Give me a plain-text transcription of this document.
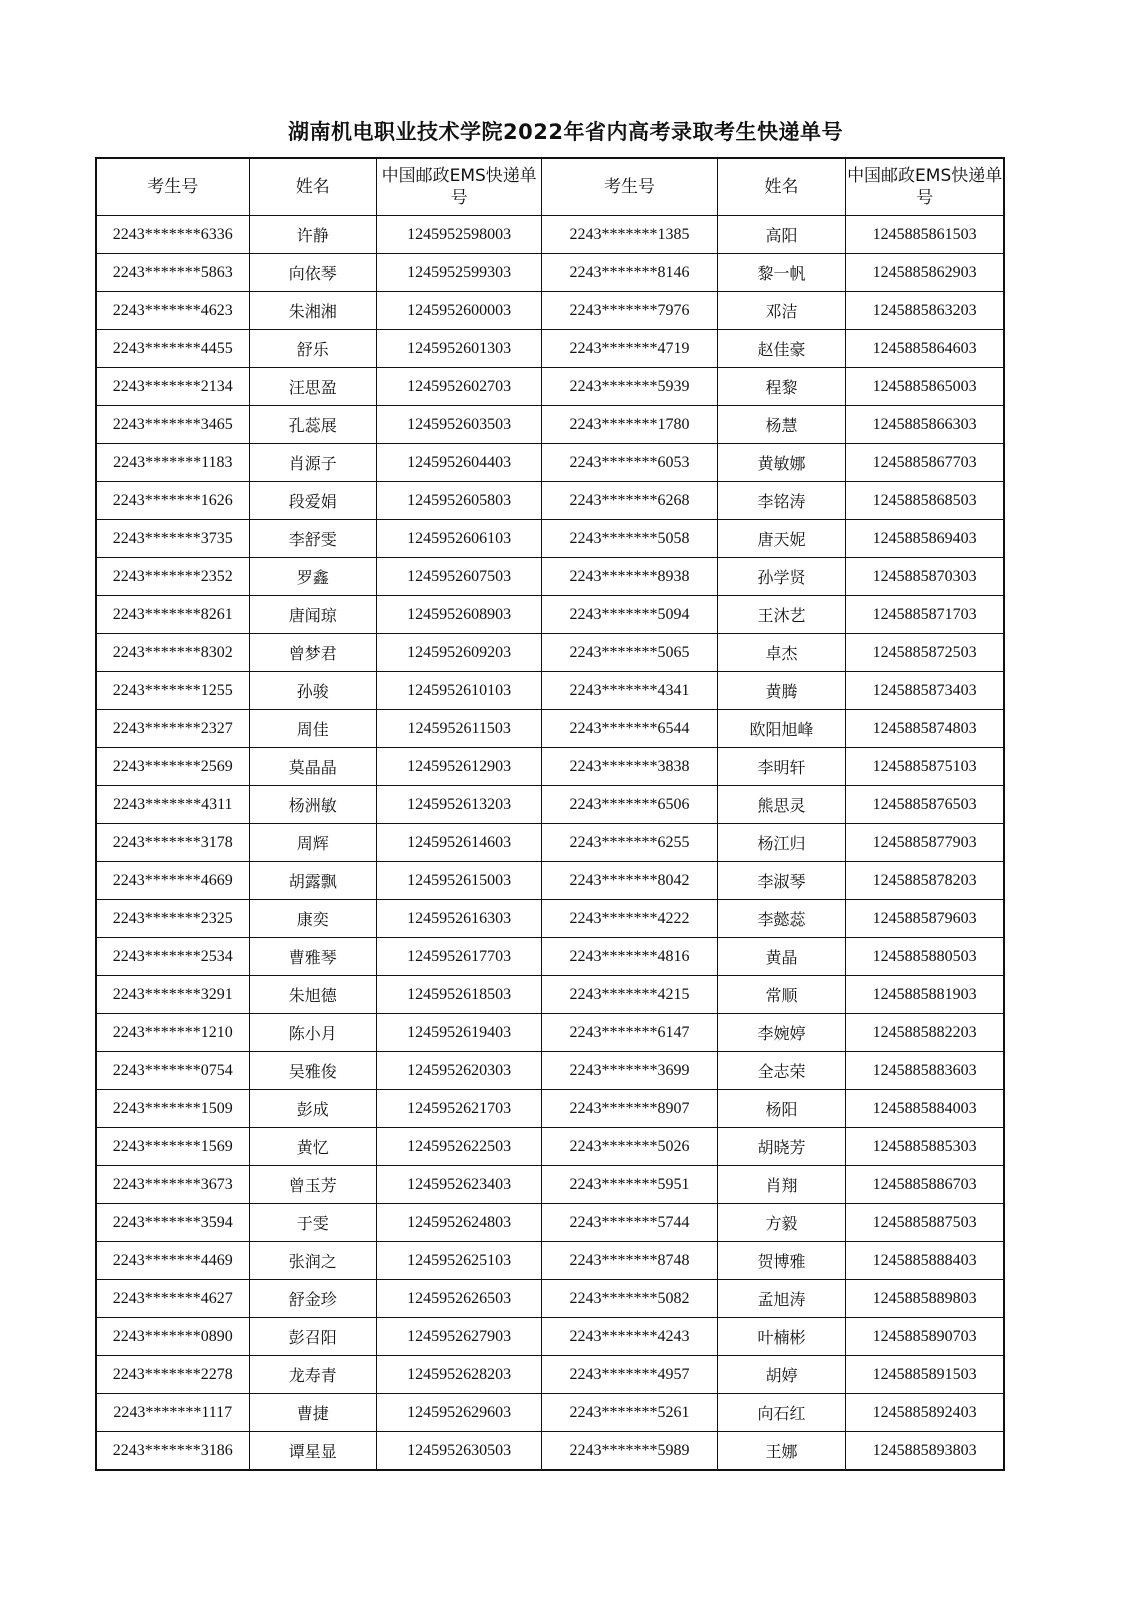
湖南机电职业技术学院2022年省内高考录取考生快递单号
考生号	姓名	中国邮政EMS快递单号	考生号	姓名	中国邮政EMS快递单号
2243*******6336	许静	1245952598003	2243*******1385	高阳	1245885861503
2243*******5863	向依琴	1245952599303	2243*******8146	黎一帆	1245885862903
2243*******4623	朱湘湘	1245952600003	2243*******7976	邓洁	1245885863203
2243*******4455	舒乐	1245952601303	2243*******4719	赵佳豪	1245885864603
2243*******2134	汪思盈	1245952602703	2243*******5939	程黎	1245885865003
2243*******3465	孔蕊展	1245952603503	2243*******1780	杨慧	1245885866303
2243*******1183	肖源子	1245952604403	2243*******6053	黄敏娜	1245885867703
2243*******1626	段爱娟	1245952605803	2243*******6268	李铭涛	1245885868503
2243*******3735	李舒雯	1245952606103	2243*******5058	唐天妮	1245885869403
2243*******2352	罗鑫	1245952607503	2243*******8938	孙学贤	1245885870303
2243*******8261	唐闻琼	1245952608903	2243*******5094	王沐艺	1245885871703
2243*******8302	曾梦君	1245952609203	2243*******5065	卓杰	1245885872503
2243*******1255	孙骏	1245952610103	2243*******4341	黄腾	1245885873403
2243*******2327	周佳	1245952611503	2243*******6544	欧阳旭峰	1245885874803
2243*******2569	莫晶晶	1245952612903	2243*******3838	李明轩	1245885875103
2243*******4311	杨洲敏	1245952613203	2243*******6506	熊思灵	1245885876503
2243*******3178	周辉	1245952614603	2243*******6255	杨江归	1245885877903
2243*******4669	胡露飘	1245952615003	2243*******8042	李淑琴	1245885878203
2243*******2325	康奕	1245952616303	2243*******4222	李懿蕊	1245885879603
2243*******2534	曹雅琴	1245952617703	2243*******4816	黄晶	1245885880503
2243*******3291	朱旭德	1245952618503	2243*******4215	常顺	1245885881903
2243*******1210	陈小月	1245952619403	2243*******6147	李婉婷	1245885882203
2243*******0754	吴雅俊	1245952620303	2243*******3699	全志荣	1245885883603
2243*******1509	彭成	1245952621703	2243*******8907	杨阳	1245885884003
2243*******1569	黄忆	1245952622503	2243*******5026	胡晓芳	1245885885303
2243*******3673	曾玉芳	1245952623403	2243*******5951	肖翔	1245885886703
2243*******3594	于雯	1245952624803	2243*******5744	方毅	1245885887503
2243*******4469	张润之	1245952625103	2243*******8748	贺博雅	1245885888403
2243*******4627	舒金珍	1245952626503	2243*******5082	孟旭涛	1245885889803
2243*******0890	彭召阳	1245952627903	2243*******4243	叶楠彬	1245885890703
2243*******2278	龙寿青	1245952628203	2243*******4957	胡婷	1245885891503
2243*******1117	曹捷	1245952629603	2243*******5261	向石红	1245885892403
2243*******3186	谭星显	1245952630503	2243*******5989	王娜	1245885893803
